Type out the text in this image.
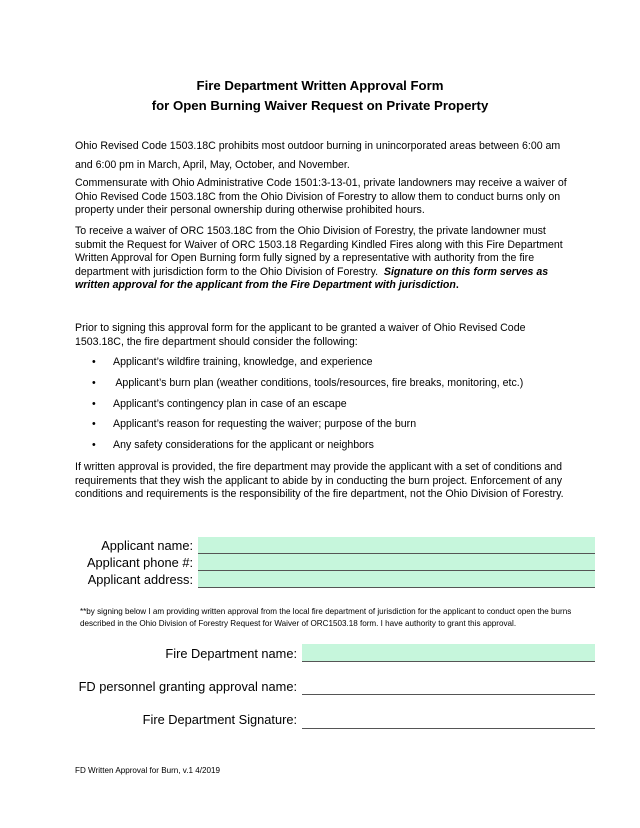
Fire Department Written Approval Form
for Open Burning Waiver Request on Private Property

Ohio Revised Code 1503.18C prohibits most outdoor burning in unincorporated areas between 6:00 am and 6:00 pm in March, April, May, October, and November.

Commensurate with Ohio Administrative Code 1501:3-13-01, private landowners may receive a waiver of Ohio Revised Code 1503.18C from the Ohio Division of Forestry to allow them to conduct burns only on property under their personal ownership during otherwise prohibited hours.

To receive a waiver of ORC 1503.18C from the Ohio Division of Forestry, the private landowner must submit the Request for Waiver of ORC 1503.18 Regarding Kindled Fires along with this Fire Department Written Approval for Open Burning form fully signed by a representative with authority from the fire department with jurisdiction form to the Ohio Division of Forestry. Signature on this form serves as written approval for the applicant from the Fire Department with jurisdiction.

Prior to signing this approval form for the applicant to be granted a waiver of Ohio Revised Code 1503.18C, the fire department should consider the following:

• Applicant’s wildfire training, knowledge, and experience
• Applicant’s burn plan (weather conditions, tools/resources, fire breaks, monitoring, etc.)
• Applicant’s contingency plan in case of an escape
• Applicant’s reason for requesting the waiver; purpose of the burn
• Any safety considerations for the applicant or neighbors

If written approval is provided, the fire department may provide the applicant with a set of conditions and requirements that they wish the applicant to abide by in conducting the burn project. Enforcement of any conditions and requirements is the responsibility of the fire department, not the Ohio Division of Forestry.

Applicant name:
Applicant phone #:
Applicant address:

**by signing below I am providing written approval from the local fire department of jurisdiction for the applicant to conduct open the burns described in the Ohio Division of Forestry Request for Waiver of ORC1503.18 form. I have authority to grant this approval.

Fire Department name:
FD personnel granting approval name:
Fire Department Signature:
FD Written Approval for Burn, v.1 4/2019
